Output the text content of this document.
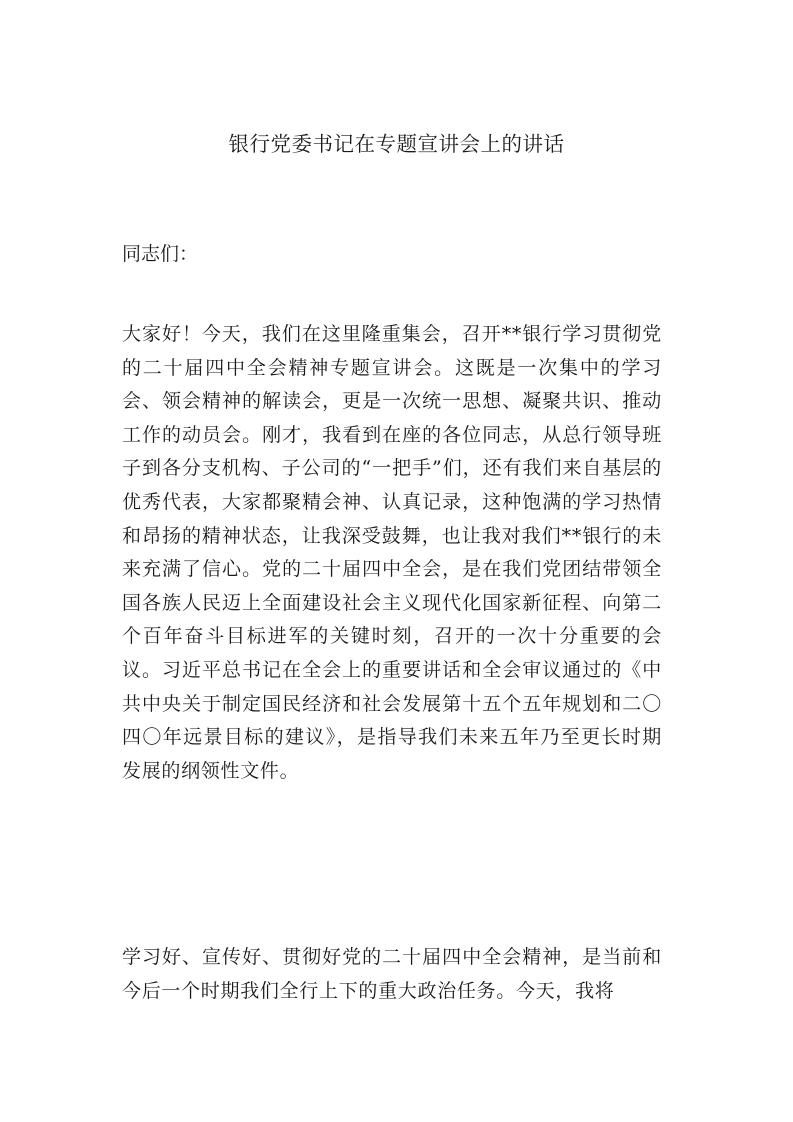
银行党委书记在专题宣讲会上的讲话

同志们：

大家好！今天，我们在这里隆重集会，召开**银行学习贯彻党的二十届四中全会精神专题宣讲会。这既是一次集中的学习会、领会精神的解读会，更是一次统一思想、凝聚共识、推动工作的动员会。刚才，我看到在座的各位同志，从总行领导班子到各分支机构、子公司的“一把手”们，还有我们来自基层的优秀代表，大家都聚精会神、认真记录，这种饱满的学习热情和昂扬的精神状态，让我深受鼓舞，也让我对我们**银行的未来充满了信心。党的二十届四中全会，是在我们党团结带领全国各族人民迈上全面建设社会主义现代化国家新征程、向第二个百年奋斗目标进军的关键时刻，召开的一次十分重要的会议。习近平总书记在全会上的重要讲话和全会审议通过的《中共中央关于制定国民经济和社会发展第十五个五年规划和二〇四〇年远景目标的建议》，是指导我们未来五年乃至更长时期发展的纲领性文件。

学习好、宣传好、贯彻好党的二十届四中全会精神，是当前和今后一个时期我们全行上下的重大政治任务。今天，我将
